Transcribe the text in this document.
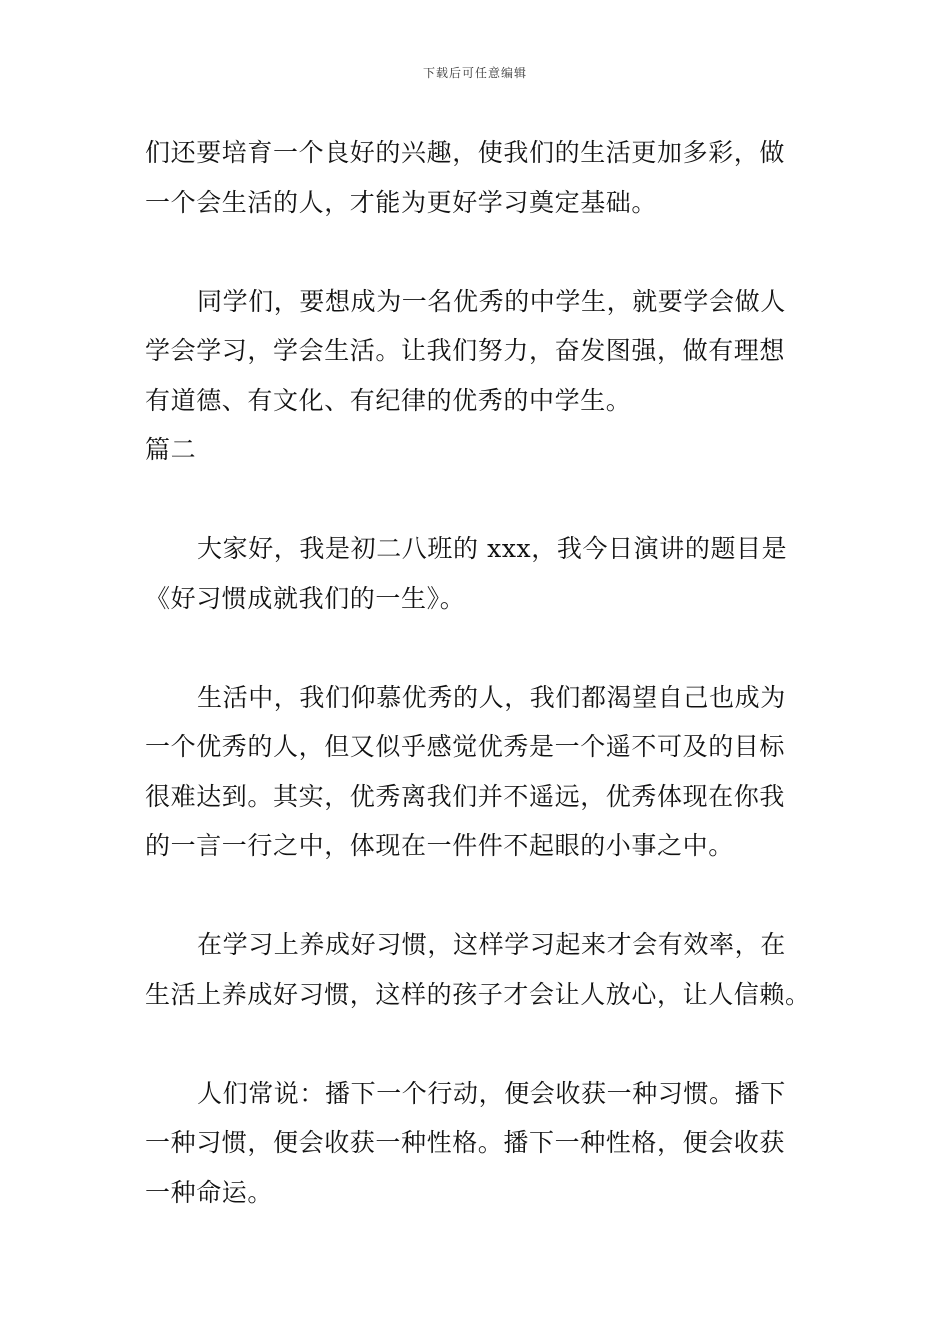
下载后可任意编辑
们还要培育一个良好的兴趣，使我们的生活更加多彩，做
一个会生活的人，才能为更好学习奠定基础。
同学们，要想成为一名优秀的中学生，就要学会做人
学会学习，学会生活。让我们努力，奋发图强，做有理想
有道德、有文化、有纪律的优秀的中学生。
篇二
大家好，我是初二八班的 xxx，我今日演讲的题目是
《好习惯成就我们的一生》。
生活中，我们仰慕优秀的人，我们都渴望自己也成为
一个优秀的人，但又似乎感觉优秀是一个遥不可及的目标
很难达到。其实，优秀离我们并不遥远，优秀体现在你我
的一言一行之中，体现在一件件不起眼的小事之中。
在学习上养成好习惯，这样学习起来才会有效率，在
生活上养成好习惯，这样的孩子才会让人放心，让人信赖。
人们常说：播下一个行动，便会收获一种习惯。播下
一种习惯，便会收获一种性格。播下一种性格，便会收获
一种命运。
